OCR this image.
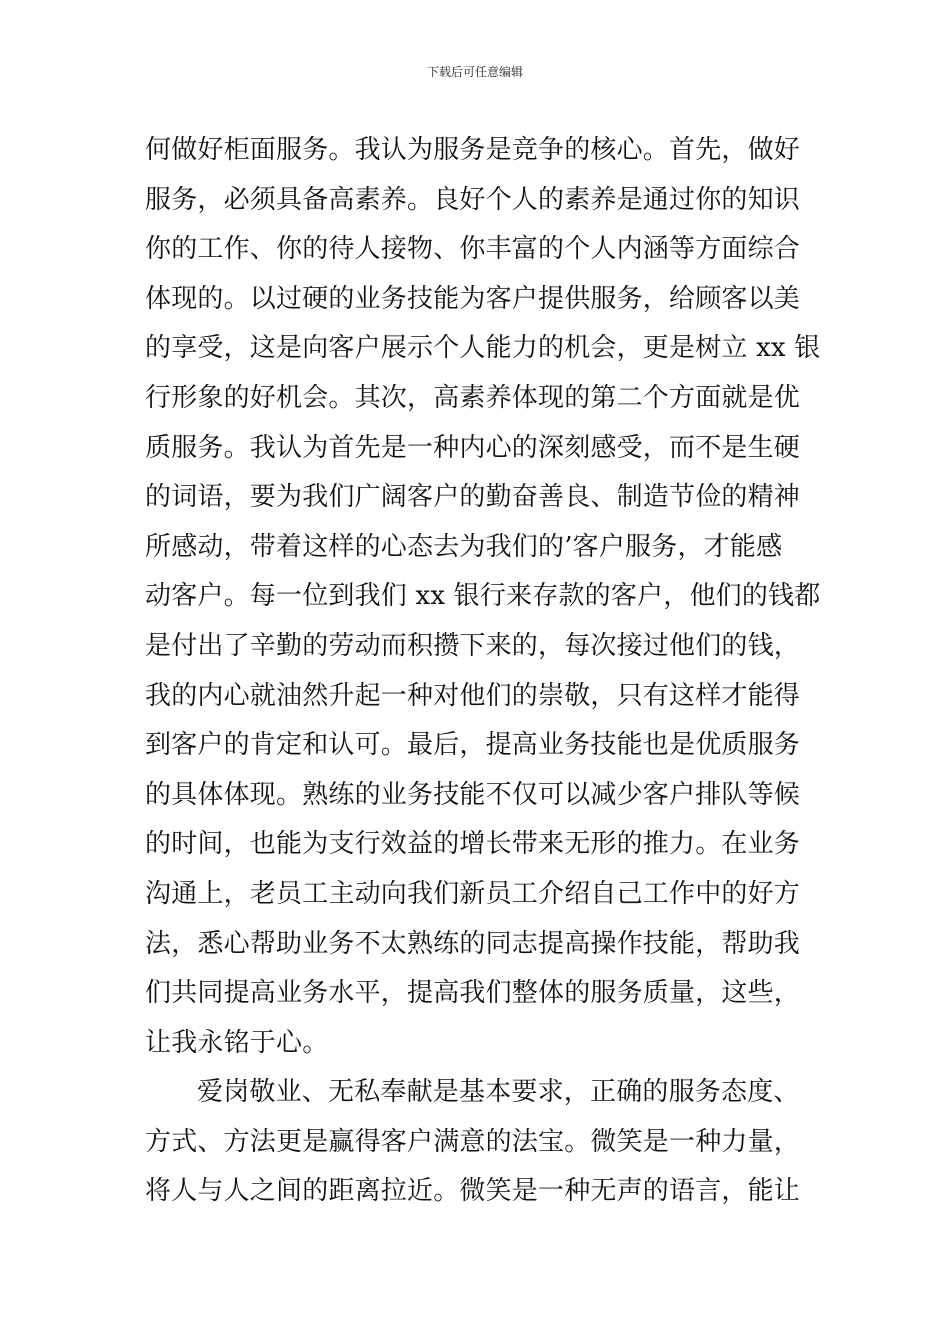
下载后可任意编辑
何做好柜面服务。我认为服务是竞争的核心。首先，做好
服务，必须具备高素养。良好个人的素养是通过你的知识
你的工作、你的待人接物、你丰富的个人内涵等方面综合
体现的。以过硬的业务技能为客户提供服务，给顾客以美
的享受，这是向客户展示个人能力的机会，更是树立 xx 银
行形象的好机会。其次，高素养体现的第二个方面就是优
质服务。我认为首先是一种内心的深刻感受，而不是生硬
的词语，要为我们广阔客户的勤奋善良、制造节俭的精神
所感动，带着这样的心态去为我们的’客户服务，才能感
动客户。每一位到我们 xx 银行来存款的客户，他们的钱都
是付出了辛勤的劳动而积攒下来的，每次接过他们的钱，
我的内心就油然升起一种对他们的崇敬，只有这样才能得
到客户的肯定和认可。最后，提高业务技能也是优质服务
的具体体现。熟练的业务技能不仅可以减少客户排队等候
的时间，也能为支行效益的增长带来无形的推力。在业务
沟通上，老员工主动向我们新员工介绍自己工作中的好方
法，悉心帮助业务不太熟练的同志提高操作技能，帮助我
们共同提高业务水平，提高我们整体的服务质量，这些，
让我永铭于心。
爱岗敬业、无私奉献是基本要求，正确的服务态度、
方式、方法更是赢得客户满意的法宝。微笑是一种力量，
将人与人之间的距离拉近。微笑是一种无声的语言，能让
